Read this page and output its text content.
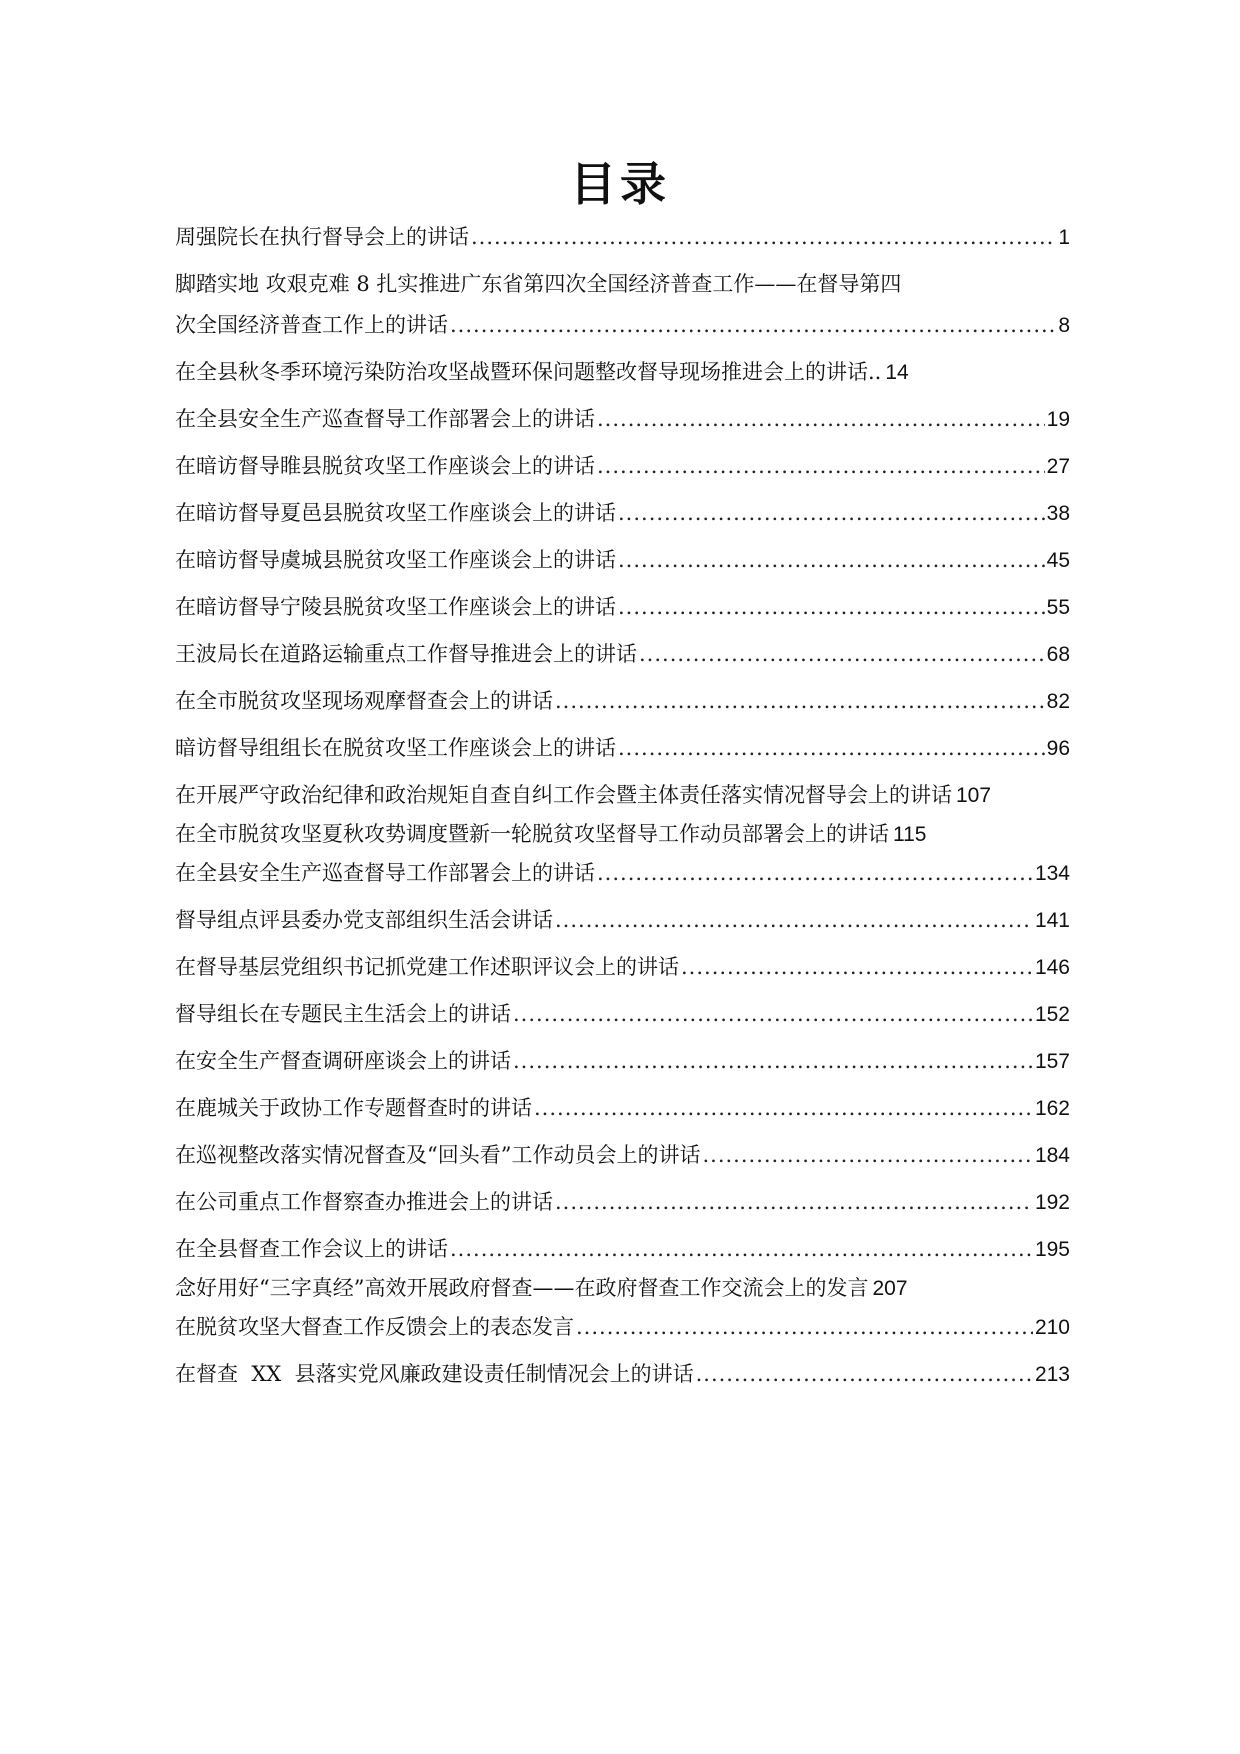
目录
周强院长在执行督导会上的讲话 .....	1
脚踏实地 攻艰克难 8 扎实推进广东省第四次全国经济普查工作——在督导第四
次全国经济普查工作上的讲话 .....	8
在全县秋冬季环境污染防治攻坚战暨环保问题整改督导现场推进会上的讲话.. 14
在全县安全生产巡查督导工作部署会上的讲话 .....	19
在暗访督导睢县脱贫攻坚工作座谈会上的讲话 .....	27
在暗访督导夏邑县脱贫攻坚工作座谈会上的讲话 .....	38
在暗访督导虞城县脱贫攻坚工作座谈会上的讲话 .....	45
在暗访督导宁陵县脱贫攻坚工作座谈会上的讲话 .....	55
王波局长在道路运输重点工作督导推进会上的讲话 .....	68
在全市脱贫攻坚现场观摩督查会上的讲话 .....	82
暗访督导组组长在脱贫攻坚工作座谈会上的讲话 .....	96
在开展严守政治纪律和政治规矩自查自纠工作会暨主体责任落实情况督导会上的讲话 107
在全市脱贫攻坚夏秋攻势调度暨新一轮脱贫攻坚督导工作动员部署会上的讲话 115
在全县安全生产巡查督导工作部署会上的讲话 .....	134
督导组点评县委办党支部组织生活会讲话 .....	141
在督导基层党组织书记抓党建工作述职评议会上的讲话 .....	146
督导组长在专题民主生活会上的讲话 .....	152
在安全生产督查调研座谈会上的讲话 .....	157
在鹿城关于政协工作专题督查时的讲话 .....	162
在巡视整改落实情况督查及“回头看”工作动员会上的讲话 .....	184
在公司重点工作督察查办推进会上的讲话 .....	192
在全县督查工作会议上的讲话 .....	195
念好用好“三字真经”高效开展政府督查 ——在政府督查工作交流会上的发言 207
在脱贫攻坚大督查工作反馈会上的表态发言 .....	210
在督查  XX  县落实党风廉政建设责任制情况会上的讲话 .....	213
